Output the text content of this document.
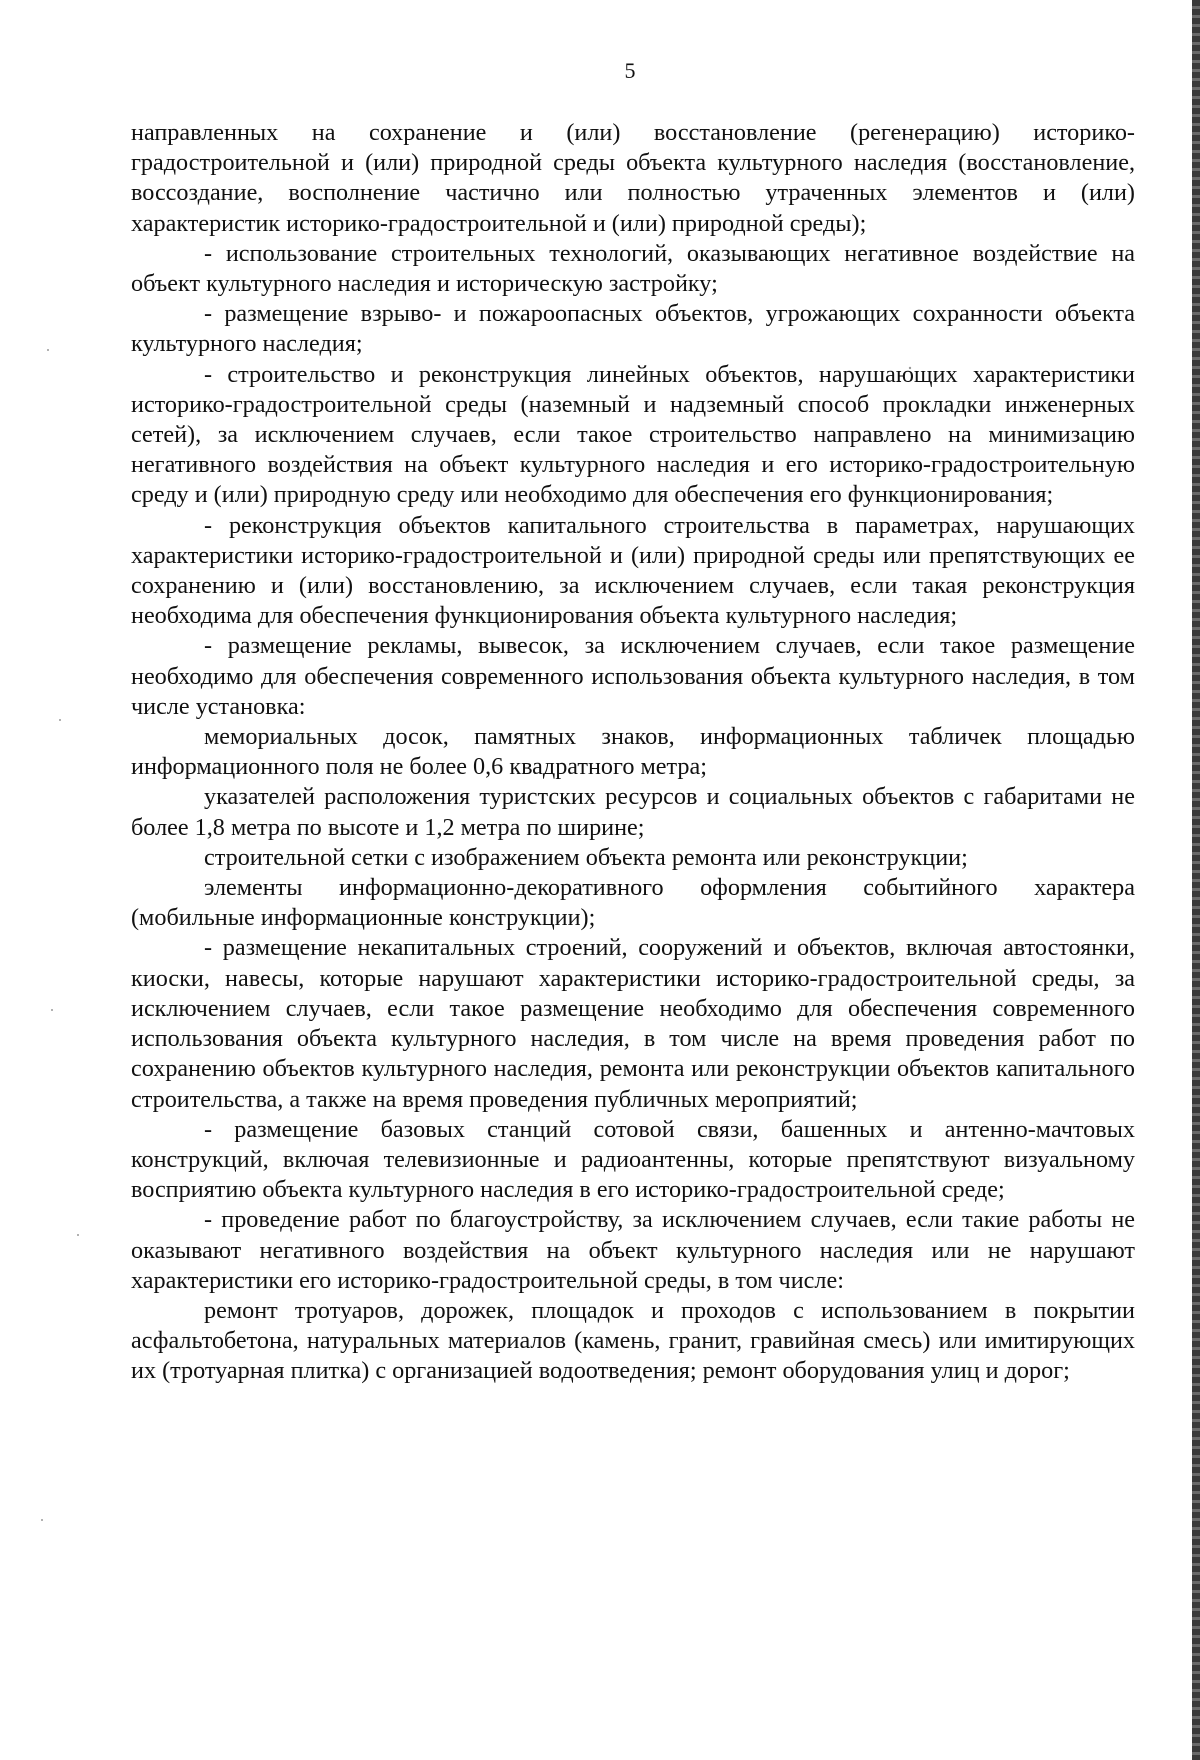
5

направленных на сохранение и (или) восстановление (регенерацию) историко-градостроительной и (или) природной среды объекта культурного наследия (восстановление, воссоздание, восполнение частично или полностью утраченных элементов и (или) характеристик историко-градостроительной и (или) природной среды);

- использование строительных технологий, оказывающих негативное воздействие на объект культурного наследия и историческую застройку;

- размещение взрыво- и пожароопасных объектов, угрожающих сохранности объекта культурного наследия;

- строительство и реконструкция линейных объектов, нарушающих характеристики историко-градостроительной среды (наземный и надземный способ прокладки инженерных сетей), за исключением случаев, если такое строительство направлено на минимизацию негативного воздействия на объект культурного наследия и его историко-градостроительную среду и (или) природную среду или необходимо для обеспечения его функционирования;

- реконструкция объектов капитального строительства в параметрах, нарушающих характеристики историко-градостроительной и (или) природной среды или препятствующих ее сохранению и (или) восстановлению, за исключением случаев, если такая реконструкция необходима для обеспечения функционирования объекта культурного наследия;

- размещение рекламы, вывесок, за исключением случаев, если такое размещение необходимо для обеспечения современного использования объекта культурного наследия, в том числе установка:

мемориальных досок, памятных знаков, информационных табличек площадью информационного поля не более 0,6 квадратного метра;

указателей расположения туристских ресурсов и социальных объектов с габаритами не более 1,8 метра по высоте и 1,2 метра по ширине;

строительной сетки с изображением объекта ремонта или реконструкции;

элементы информационно-декоративного оформления событийного характера (мобильные информационные конструкции);

- размещение некапитальных строений, сооружений и объектов, включая автостоянки, киоски, навесы, которые нарушают характеристики историко-градостроительной среды, за исключением случаев, если такое размещение необходимо для обеспечения современного использования объекта культурного наследия, в том числе на время проведения работ по сохранению объектов культурного наследия, ремонта или реконструкции объектов капитального строительства, а также на время проведения публичных мероприятий;

- размещение базовых станций сотовой связи, башенных и антенно-мачтовых конструкций, включая телевизионные и радиоантенны, которые препятствуют визуальному восприятию объекта культурного наследия в его историко-градостроительной среде;

- проведение работ по благоустройству, за исключением случаев, если такие работы не оказывают негативного воздействия на объект культурного наследия или не нарушают характеристики его историко-градостроительной среды, в том числе:

ремонт тротуаров, дорожек, площадок и проходов с использованием в покрытии асфальтобетона, натуральных материалов (камень, гранит, гравийная смесь) или имитирующих их (тротуарная плитка) с организацией водоотведения; ремонт оборудования улиц и дорог;
